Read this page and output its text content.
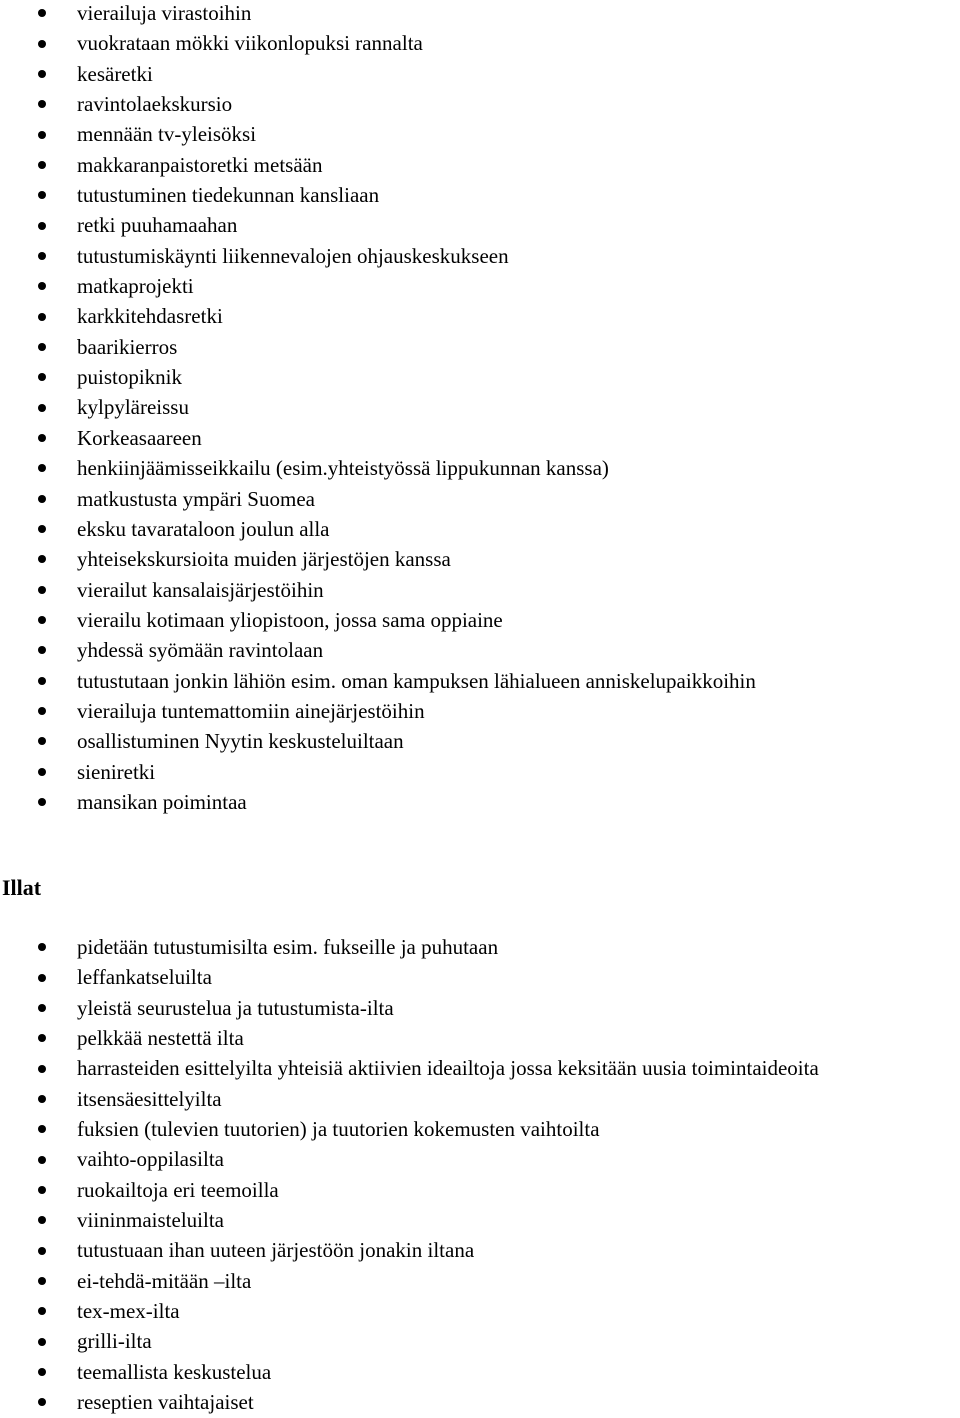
vierailuja virastoihin
vuokrataan mökki viikonlopuksi rannalta
kesäretki
ravintolaekskursio
mennään tv-yleisöksi
makkaranpaistoretki metsään
tutustuminen tiedekunnan kansliaan
retki puuhamaahan
tutustumiskäynti liikennevalojen ohjauskeskukseen
matkaprojekti
karkkitehdasretki
baarikierros
puistopiknik
kylpyläreissu
Korkeasaareen
henkiinjäämisseikkailu (esim.yhteistyössä lippukunnan kanssa)
matkustusta ympäri Suomea
eksku tavarataloon joulun alla
yhteisekskursioita muiden järjestöjen kanssa
vierailut kansalaisjärjestöihin
vierailu kotimaan yliopistoon, jossa sama oppiaine
yhdessä syömään ravintolaan
tutustutaan jonkin lähiön esim. oman kampuksen lähialueen anniskelupaikkoihin
vierailuja tuntemattomiin ainejärjestöihin
osallistuminen Nyytin keskusteluiltaan
sieniretki
mansikan poimintaa
Illat
pidetään tutustumisilta esim. fukseille ja puhutaan
leffankatseluilta
yleistä seurustelua ja tutustumista-ilta
pelkkää nestettä ilta
harrasteiden esittelyilta yhteisiä aktiivien ideailtoja jossa keksitään uusia toimintaideoita
itsensäesittelyilta
fuksien (tulevien tuutorien) ja tuutorien kokemusten vaihtoilta
vaihto-oppilasilta
ruokailtoja eri teemoilla
viininmaisteluilta
tutustuaan ihan uuteen järjestöön jonakin iltana
ei-tehdä-mitään –ilta
tex-mex-ilta
grilli-ilta
teemallista keskustelua
reseptien vaihtajaiset
